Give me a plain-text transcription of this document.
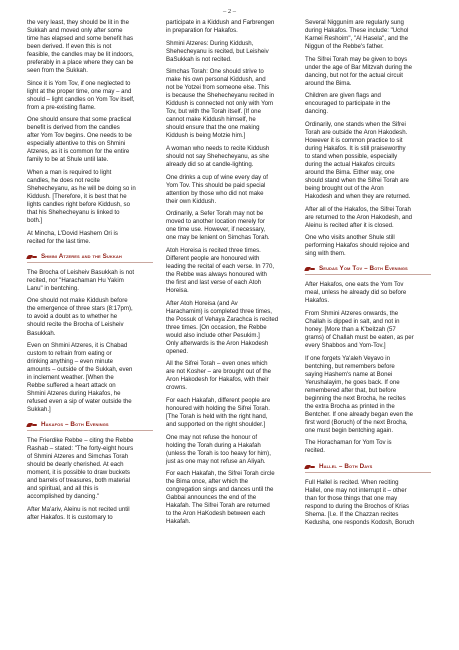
– 2 –

the very least, they should be lit in the
Sukkah and moved only after some
time has elapsed and some benefit has
been derived. If even this is not
feasible, the candles may be lit indoors,
preferably in a place where they can be
seen from the Sukkah.

Since it is Yom Tov, if one neglected to
light at the proper time, one may – and
should – light candles on Yom Tov itself,
from a pre-existing flame.

One should ensure that some practical
benefit is derived from the candles
after Yom Tov begins. One needs to be
especially attentive to this on Shmini
Atzeres, as it is common for the entire
family to be at Shule until late.

When a man is required to light
candles, he does not recite
Shehecheyanu, as he will be doing so in
Kiddush. [Therefore, it is best that he
lights candles right before Kiddush, so
that his Shehecheyanu is linked to
both.]

At Mincha, L'Dovid Hashem Ori is
recited for the last time.

Shmini Atzeres and the Sukkah

The Brocha of Leisheiv Basukkah is not
recited, nor "Harachaman Hu Yakim
Lanu" in bentching.

One should not make Kiddush before
the emergence of three stars (8:17pm),
to avoid a doubt as to whether he
should recite the Brocha of Leisheiv
Basukkah.

Even on Shmini Atzeres, it is Chabad
custom to refrain from eating or
drinking anything – even minute
amounts – outside of the Sukkah, even
in inclement weather. [When the
Rebbe suffered a heart attack on
Shmini Atzeres during Hakafos, he
refused even a sip of water outside the
Sukkah.]

Hakafos – Both Evenings

The Frierdike Rebbe – citing the Rebbe
Rashab – stated: "The forty-eight hours
of Shmini Atzeres and Simchas Torah
should be dearly cherished. At each
moment, it is possible to draw buckets
and barrels of treasures, both material
and spiritual, and all this is
accomplished by dancing."

After Ma'ariv, Aleinu is not recited until
after Hakafos. It is customary to

participate in a Kiddush and Farbrengen
in preparation for Hakafos.

Shmini Atzeres: During Kiddush,
Shehecheyanu is recited, but Leisheiv
BaSukkah is not recited.

Simchas Torah: One should strive to
make his own personal Kiddush, and
not be Yotzei from someone else. This
is because the Shehecheyanu recited in
Kiddush is connected not only with Yom
Tov, but with the Torah itself. [If one
cannot make Kiddush himself, he
should ensure that the one making
Kiddush is being Motzie him.]

A woman who needs to recite Kiddush
should not say Shehecheyanu, as she
already did so at candle-lighting.

One drinks a cup of wine every day of
Yom Tov. This should be paid special
attention by those who did not make
their own Kiddush.

Ordinarily, a Sefer Torah may not be
moved to another location merely for
one time use. However, if necessary,
one may be lenient on Simchas Torah.

Atoh Horeisa is recited three times.
Different people are honoured with
leading the recital of each verse. In 770,
the Rebbe was always honoured with
the first and last verse of each Atoh
Horeisa.

After Atoh Horeisa (and Av
Harachamim) is completed three times,
the Possuk of Vehaya Zarachca is recited
three times. [On occasion, the Rebbe
would also include other Pesukim.]
Only afterwards is the Aron Hakodesh
opened.

All the Sifrei Torah – even ones which
are not Kosher – are brought out of the
Aron Hakodesh for Hakafos, with their
crowns.

For each Hakafah, different people are
honoured with holding the Sifrei Torah.
[The Torah is held with the right hand,
and supported on the right shoulder.]

One may not refuse the honour of
holding the Torah during a Hakafah
(unless the Torah is too heavy for him),
just as one may not refuse an Aliyah.

For each Hakafah, the Sifrei Torah circle
the Bima once, after which the
congregation sings and dances until the
Gabbai announces the end of the
Hakafah. The Sifrei Torah are returned
to the Aron HaKodesh between each
Hakafah.

Several Nigguním are regularly sung
during Hakafos. These include: "Uchol
Karnei Reshoim", "Al Hasela", and the
Niggun of the Rebbe's father.

The Sifrei Torah may be given to boys
under the age of Bar Mitzvah during the
dancing, but not for the actual circuit
around the Bima.

Children are given flags and
encouraged to participate in the
dancing.

Ordinarily, one stands when the Sifrei
Torah are outside the Aron Hakodesh.
However it is common practice to sit
during Hakafos. It is still praiseworthy
to stand when possible, especially
during the actual Hakafos circuits
around the Bima. Either way, one
should stand when the Sifrei Torah are
being brought out of the Aron
Hakodesh and when they are returned.

After all of the Hakafos, the Sifrei Torah
are returned to the Aron Hakodesh, and
Aleinu is recited after it is closed.

One who visits another Shule still
performing Hakafos should rejoice and
sing with them.

Seudas Yom Tov – Both Evenings

After Hakafos, one eats the Yom Tov
meal, unless he already did so before
Hakafos.

From Shmini Atzeres onwards, the
Challah is dipped in salt, and not in
honey. [More than a K'beitzah (57
grams) of Challah must be eaten, as per
every Shabbos and Yom-Tov.]

If one forgets Ya'aleh Veyavo in
bentching, but remembers before
saying Hashem's name at Bonei
Yerushalayim, he goes back. If one
remembered after that, but before
beginning the next Brocha, he recites
the extra Brocha as printed in the
Bentcher. If one already began even the
first word (Boruch) of the next Brocha,
one must begin bentching again.

The Horachaman for Yom Tov is
recited.

Hallel – Both Days

Full Hallel is recited. When reciting
Hallel, one may not interrupt it – other
than for those things that one may
respond to during the Brochos of Krias
Shema. [I.e. If the Chazzan recites
Kedusha, one responds Kodosh, Boruch
